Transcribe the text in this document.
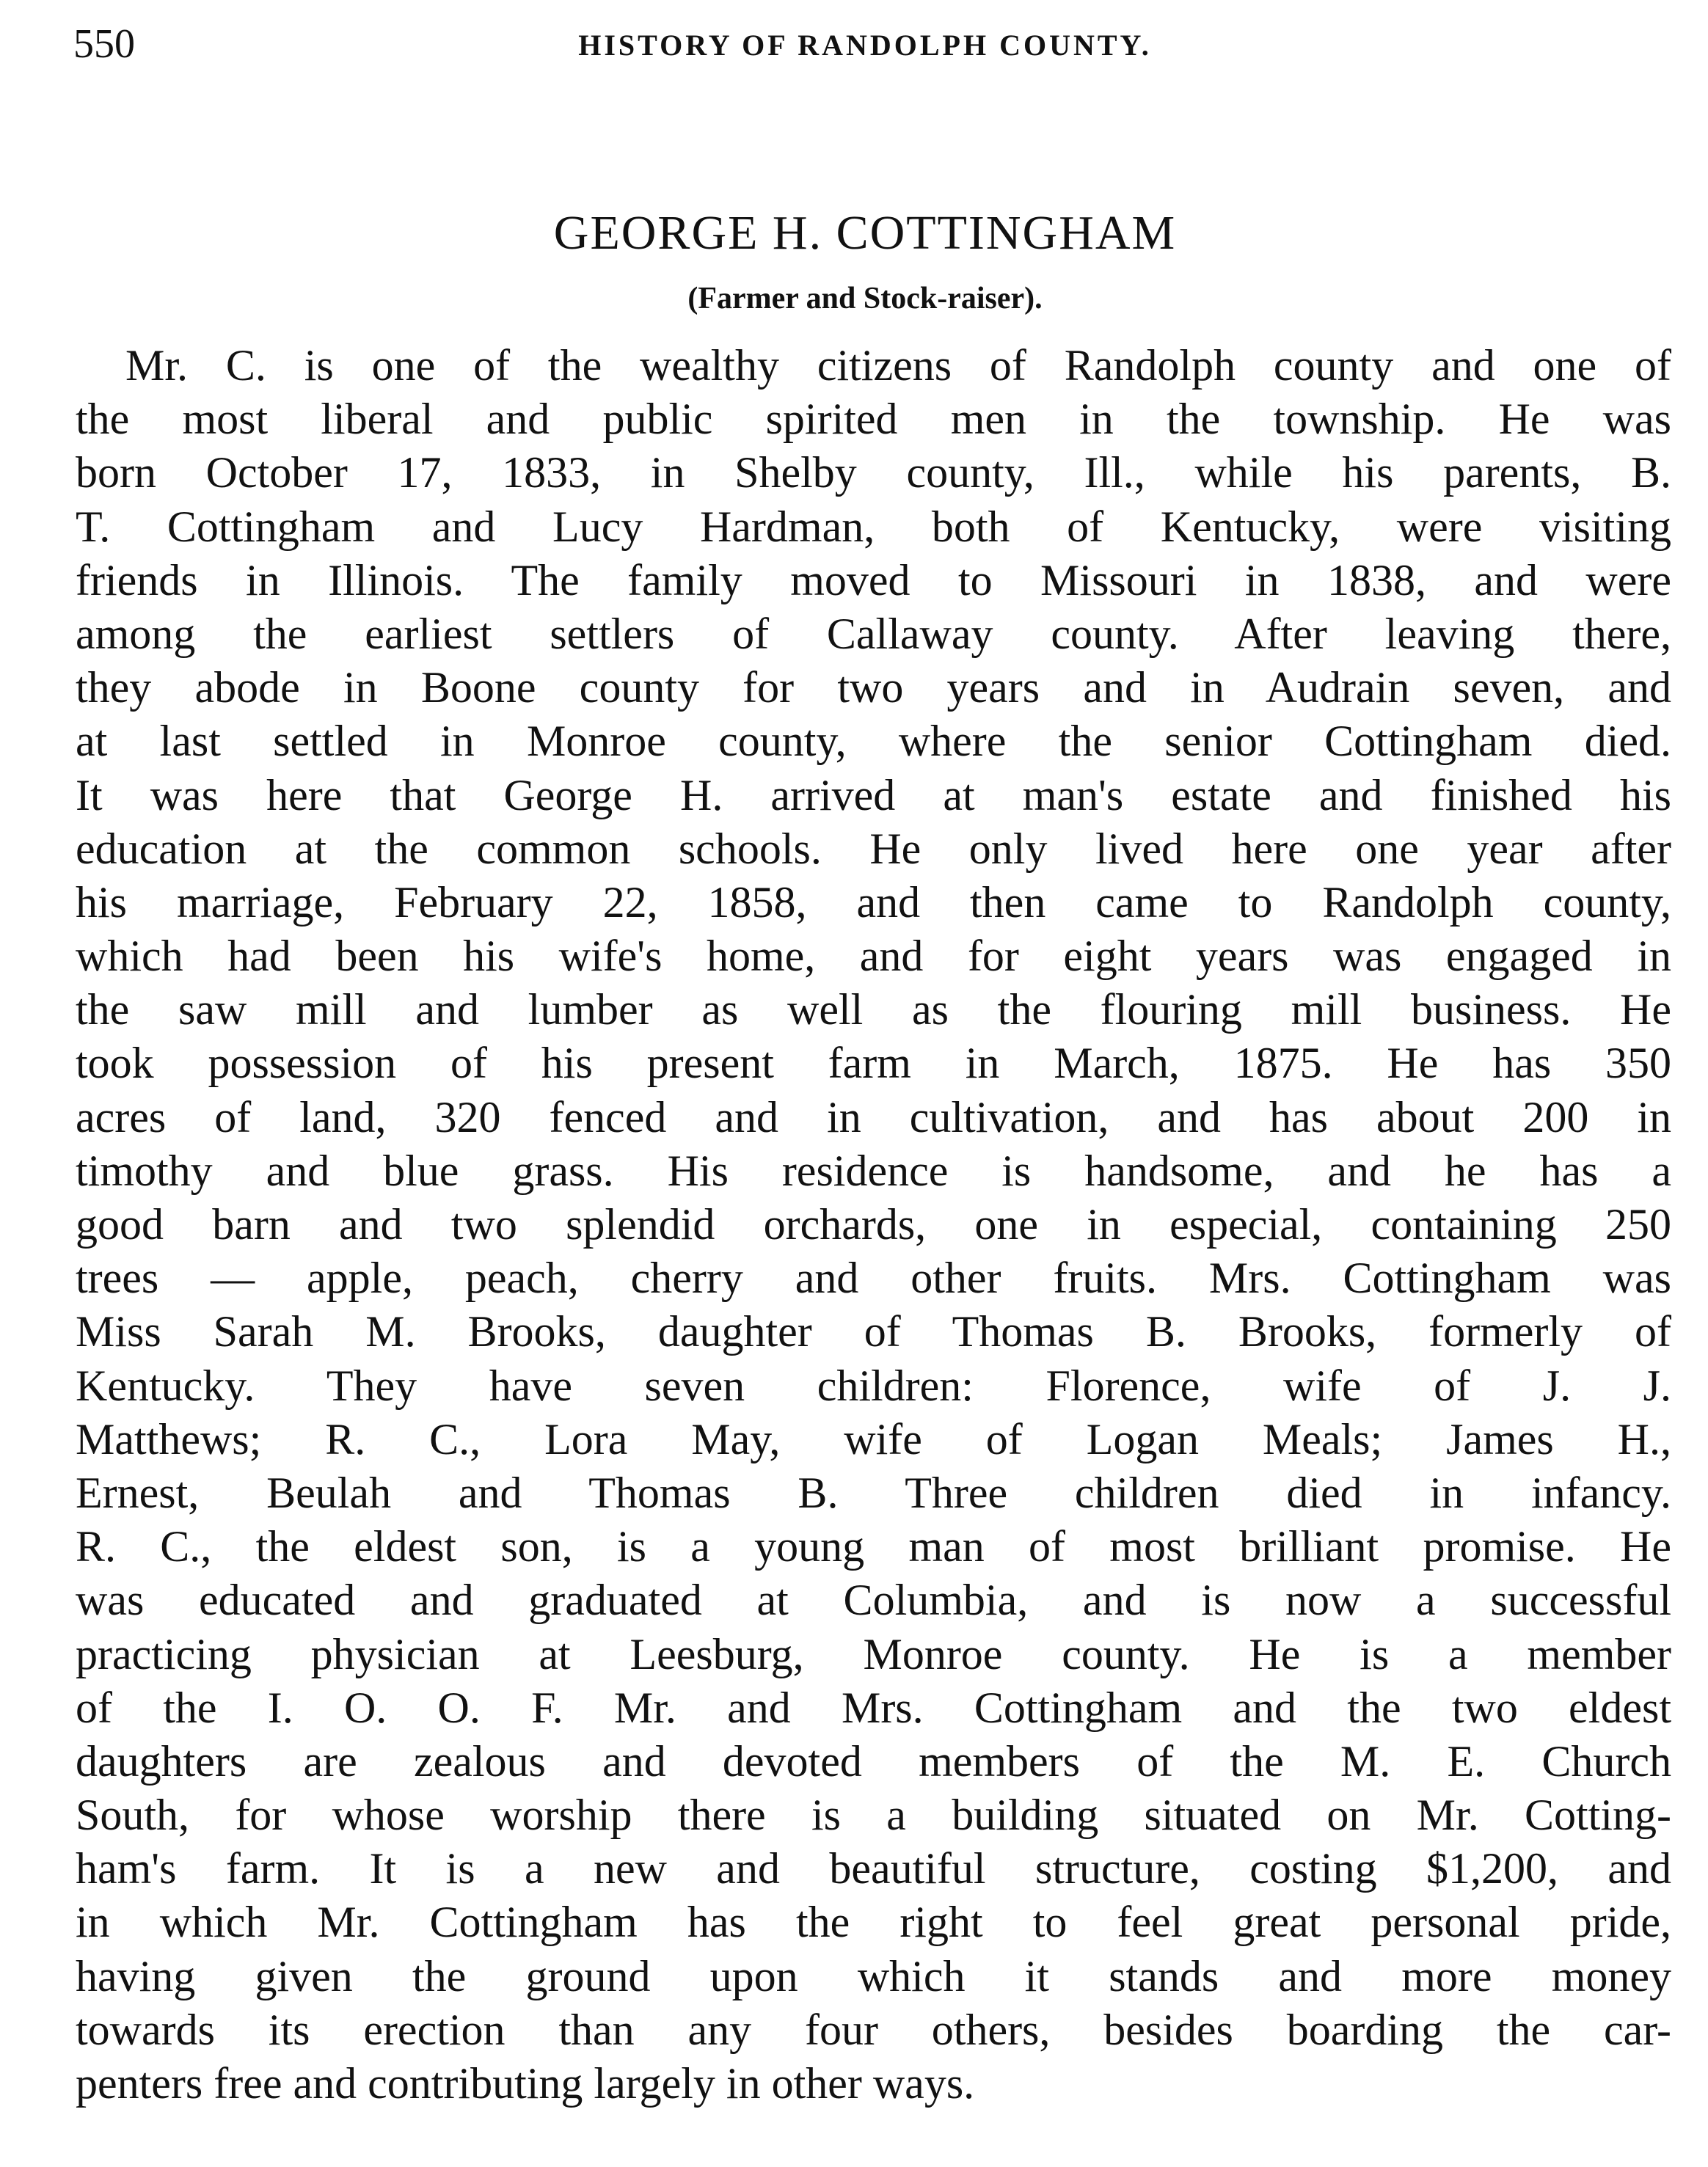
550	HISTORY OF RANDOLPH COUNTY.
GEORGE H. COTTINGHAM
(Farmer and Stock-raiser).
Mr. C. is one of the wealthy citizens of Randolph county and one of
the most liberal and public spirited men in the township. He was
born October 17, 1833, in Shelby county, Ill., while his parents, B.
T. Cottingham and Lucy Hardman, both of Kentucky, were visiting
friends in Illinois. The family moved to Missouri in 1838, and were
among the earliest settlers of Callaway county. After leaving there,
they abode in Boone county for two years and in Audrain seven, and
at last settled in Monroe county, where the senior Cottingham died.
It was here that George H. arrived at man's estate and finished his
education at the common schools. He only lived here one year after
his marriage, February 22, 1858, and then came to Randolph county,
which had been his wife's home, and for eight years was engaged in
the saw mill and lumber as well as the flouring mill business. He
took possession of his present farm in March, 1875. He has 350
acres of land, 320 fenced and in cultivation, and has about 200 in
timothy and blue grass. His residence is handsome, and he has a
good barn and two splendid orchards, one in especial, containing 250
trees — apple, peach, cherry and other fruits. Mrs. Cottingham was
Miss Sarah M. Brooks, daughter of Thomas B. Brooks, formerly of
Kentucky. They have seven children: Florence, wife of J. J.
Matthews; R. C., Lora May, wife of Logan Meals; James H.,
Ernest, Beulah and Thomas B. Three children died in infancy.
R. C., the eldest son, is a young man of most brilliant promise. He
was educated and graduated at Columbia, and is now a successful
practicing physician at Leesburg, Monroe county. He is a member
of the I. O. O. F. Mr. and Mrs. Cottingham and the two eldest
daughters are zealous and devoted members of the M. E. Church
South, for whose worship there is a building situated on Mr. Cotting-
ham's farm. It is a new and beautiful structure, costing $1,200, and
in which Mr. Cottingham has the right to feel great personal pride,
having given the ground upon which it stands and more money
towards its erection than any four others, besides boarding the car-
penters free and contributing largely in other ways.
